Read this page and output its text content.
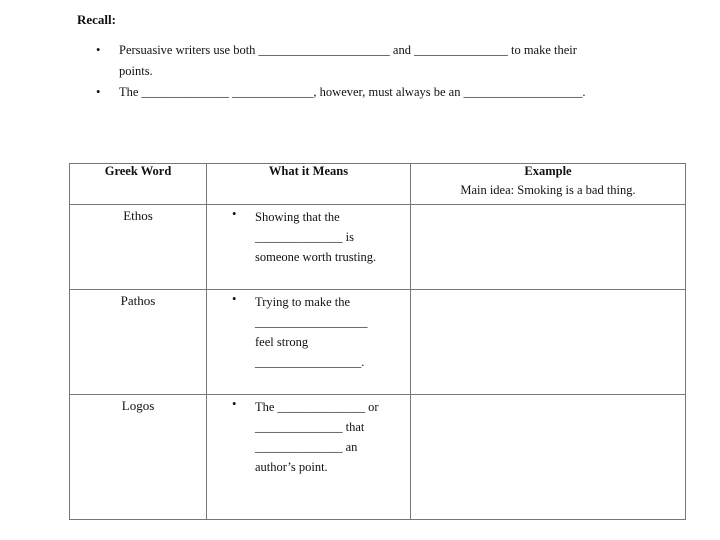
Recall:
• Persuasive writers use both _____________________ and _______________ to make their
points.
• The ______________ _____________, however, must always be an ___________________.
Greek Word	What it Means	Example
Main idea: Smoking is a bad thing.

Ethos	• Showing that the
______________ is
someone worth trusting.	

Pathos	• Trying to make the
__________________
feel strong
_________________.	

Logos	• The ______________ or
______________ that
______________ an
author’s point.	
